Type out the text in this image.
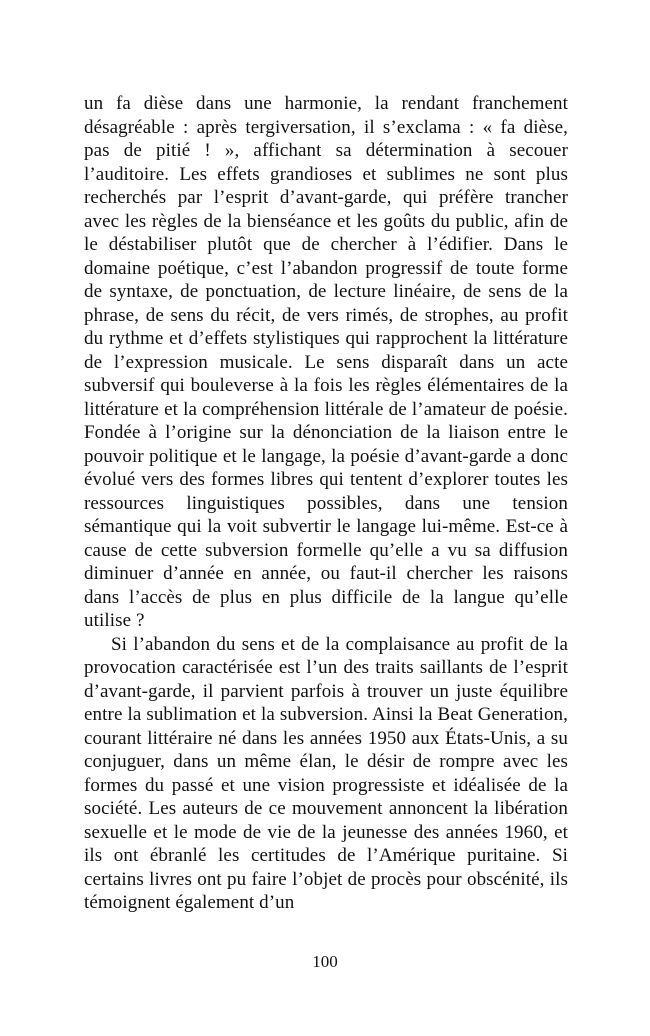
un fa dièse dans une harmonie, la rendant franchement désagréable : après tergiversation, il s’exclama : « fa dièse, pas de pitié ! », affichant sa détermination à secouer l’auditoire. Les effets grandioses et sublimes ne sont plus recherchés par l’esprit d’avant-garde, qui préfère trancher avec les règles de la bienséance et les goûts du public, afin de le déstabiliser plutôt que de chercher à l’édifier. Dans le domaine poétique, c’est l’abandon progressif de toute forme de syntaxe, de ponctuation, de lecture linéaire, de sens de la phrase, de sens du récit, de vers rimés, de strophes, au profit du rythme et d’effets stylistiques qui rapprochent la littérature de l’expression musicale. Le sens disparaît dans un acte subversif qui bouleverse à la fois les règles élémentaires de la littérature et la compréhension littérale de l’amateur de poésie. Fondée à l’origine sur la dénonciation de la liaison entre le pouvoir politique et le langage, la poésie d’avant-garde a donc évolué vers des formes libres qui tentent d’explorer toutes les ressources linguistiques possibles, dans une tension sémantique qui la voit subvertir le langage lui-même. Est-ce à cause de cette subversion formelle qu’elle a vu sa diffusion diminuer d’année en année, ou faut-il chercher les raisons dans l’accès de plus en plus difficile de la langue qu’elle utilise ?

Si l’abandon du sens et de la complaisance au profit de la provocation caractérisée est l’un des traits saillants de l’esprit d’avant-garde, il parvient parfois à trouver un juste équilibre entre la sublimation et la subversion. Ainsi la Beat Generation, courant littéraire né dans les années 1950 aux États-Unis, a su conjuguer, dans un même élan, le désir de rompre avec les formes du passé et une vision progressiste et idéalisée de la société. Les auteurs de ce mouvement annoncent la libération sexuelle et le mode de vie de la jeunesse des années 1960, et ils ont ébranlé les certitudes de l’Amérique puritaine. Si certains livres ont pu faire l’objet de procès pour obscénité, ils témoignent également d’un

100
